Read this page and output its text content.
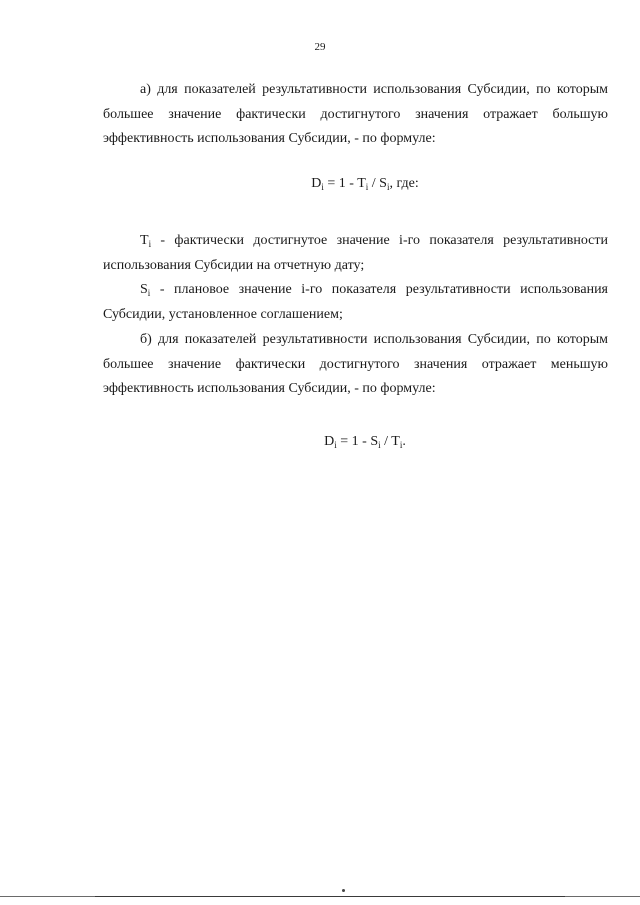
29

а) для показателей результативности использования Субсидии, по которым большее значение фактически достигнутого значения отражает большую эффективность использования Субсидии, - по формуле:

$D_i = 1 - T_i / S_i$, где:

$T_i$ - фактически достигнутое значение i-го показателя результативности использования Субсидии на отчетную дату;

$S_i$ - плановое значение i-го показателя результативности использования Субсидии, установленное соглашением;

б) для показателей результативности использования Субсидии, по которым большее значение фактически достигнутого значения отражает меньшую эффективность использования Субсидии, - по формуле:

$D_i = 1 - S_i / T_i$.
